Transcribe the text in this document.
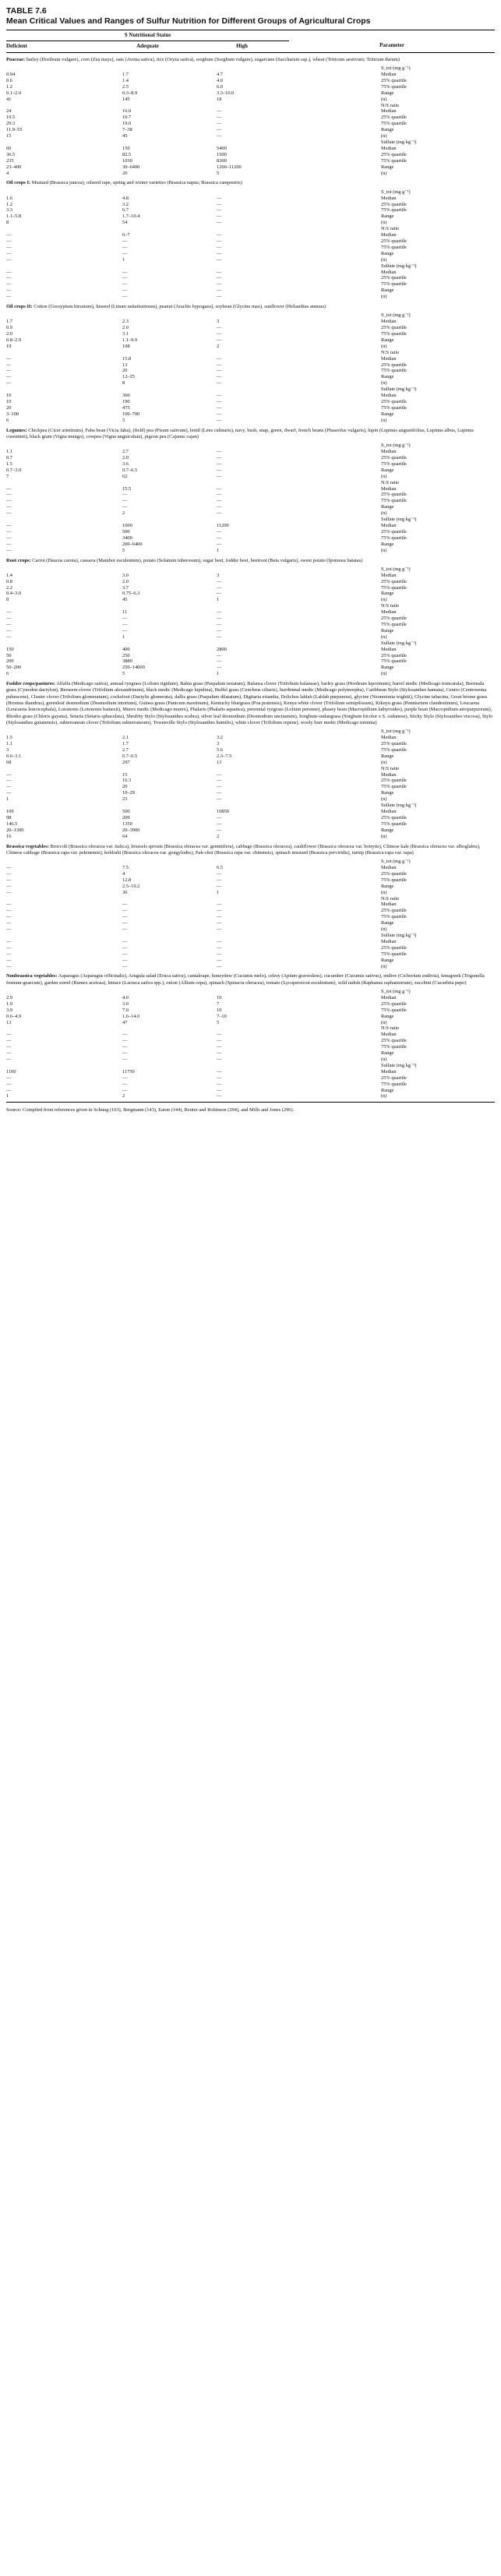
TABLE 7.6
Mean Critical Values and Ranges of Sulfur Nutrition for Different Groups of Agricultural Crops
S Nutritional Status			
Deficient	Adequate	High	Parameter

Poaceae: barley (Hordeum vulgare), corn (Zea mays), oats (Avena sativa), rice (Oryza sativa), sorghum (Sorghum vulgare), sugarcane (Saccharum ssp.), wheat (Triticum aestivum; Triticum durum)			
			S_tot (mg g⁻¹)
0.94	1.7	4.7	Median
0.6	1.4	4.0	25% quartile
1.2	2.5	6.0	75% quartile
0.1–2.0	0.3–8.9	3.3–10.0	Range
41	145	18	(n)
			N/S ratio
24	16.0	—	Median
19.5	10.7	—	25% quartile
29.3	19.0	—	75% quartile
11.9–55	7–38	—	Range
15	45	—	(n)
			Sulfate (mg kg⁻¹)
60	150	5400	Median
36.5	82.5	1500	25% quartile
235	1030	8300	75% quartile
23–400	30–6400	1200–11200	Range
4	20	5	(n)
Oil crops I: Mustard (Brassica juncea), oilseed rape, spring and winter varieties (Brassica napus; Brassica campestris)			
			S_tot (mg g⁻¹)
1.6	4.8	—	Median
1.2	3.2	—	25% quartile
3.3	6.7	—	75% quartile
1.1–5.8	1.7–10.4	—	Range
8	54	—	(n)
			N:S ratio
—	6–7	—	Median
—	—	—	25% quartile
—	—	—	75% quartile
—	—	—	Range
—	1	—	(n)
			Sulfate (mg kg⁻¹)
—	—	—	Median
—	—	—	25% quartile
—	—	—	75% quartile
—	—	—	Range
—	—	—	(n)
Oil crops II: Cotton (Gossypium hirsutum), linseed (Linum usitatissimum), peanut (Arachis hypogaea), soybean (Glycine max), sunflower (Helianthus annuus)			
			S_tot (mg g⁻¹)
1.7	2.3	3	Median
0.9	2.0	—	25% quartile
2.0	3.1	—	75% quartile
0.8–2.9	1.1–9.9	—	Range
19	108	2	(n)
			N:S ratio
—	15.8	—	Median
—	13	—	25% quartile
—	20	—	75% quartile
—	12–25	—	Range
—	8	—	(n)
			Sulfate (mg kg⁻¹)
10	360	—	Median
10	190	—	25% quartile
20	475	—	75% quartile
3–100	100–700	—	Range
6	5	—	(n)
Legumes: Chickpea (Cicer arietinum), Faba bean (Vicia faba), (field) pea (Pisum sativum), lentil (Lens culinaris), navy, bush, snap, green, dwarf, french beans (Phaseolus vulgaris), lupin (Lupinus angustifolius, Lupinus albus, Lupinus cosentinii), black gram (Vigna mungo), cowpea (Vigna unguiculata), pigeon pea (Cajanus cajan)			
			S_tot (mg g⁻¹)
1.1	2.7	—	Median
0.7	2.0	—	25% quartile
1.5	3.6	—	75% quartile
0.7–3.0	0.7–6.5	—	Range
7	62	—	(n)
			N:S ratio
—	15.5	—	Median
—	—	—	25% quartile
—	—	—	75% quartile
—	—	—	Range
—	2	—	(n)
			Sulfate (mg kg⁻¹)
—	1600	11200	Median
—	500	—	25% quartile
—	3400	—	75% quartile
—	200–6400	—	Range
—	5	1	(n)
Root crops: Carrot (Daucus carota), cassava (Manihot esculentum), potato (Solanum tuberosum), sugar beet, fodder beet, beetroot (Beta vulgaris), sweet potato (Ipomoea batatas)			
			S_tot (mg g⁻¹)
1.4	3.0	3	Median
0.8	2.0	—	25% quartile
2.2	3.7	—	75% quartile
0.4–3.0	0.75–6.3	—	Range
8	45	1	(n)
			N:S ratio
—	11	—	Median
—	—	—	25% quartile
—	—	—	75% quartile
—	—	—	Range
—	1	—	(n)
			Sulfate (mg kg⁻¹)
150	400	2800	Median
50	250	—	25% quartile
200	3880	—	75% quartile
50–200	250–14000	—	Range
6	5	1	(n)
Fodder crops/pastures: Alfalfa (Medicago sativa), annual ryegrass (Lolium rigidum), Bahia grass (Paspalum notatum), Balansa clover (Trifolium balansae), barley grass (Hordeum leporinum), barrel medic (Medicago truncatula), Bermuda grass (Cynodon dactylon), Berseem clover (Trifolium alexandrinum), black medic (Medicago lupulina), Buffel grass (Cenchrus ciliaris), burrhinnal medic (Medicago polymorpha), Caribbean Stylo (Stylosanthes hamata), Centro (Centrosema pubescens), Cluster clover (Trifolium glomeratum), cocksfoot (Dactylis glomerata), dallis grass (Paspalum dilatatum), Digitaria eriantha, Dolichos lablab (Lablab purpureus), glycine (Neonotonia wightii), Glycine tabacina, Great brome grass (Bromus diandrus), greenleaf desmodium (Desmodium intortum), Guinea grass (Panicum maximum), Kentucky bluegrass (Poa pratensis), Kenya white clover (Trifolium semipilosum), Kikuyu grass (Pennisetum clandestinum), Leucaena (Leucaena leucocephala), Lotononis (Lotononis bainesii), Murex medic (Medicago murex), Phalaris (Phalaris aquatica), perennial ryegrass (Lolium perenne), phasey bean (Macroptilium lathyroides), purple bean (Macroptilium atropurpureum), Rhodes grass (Chloris gayana), Setaria (Setaria sphacelata), Shrubby Stylo (Stylosanthes scabra), silver leaf desmodium (Desmodium uncinatum), Sorghum-sudangrass (Sorghum bicolor x S. sudanese), Sticky Stylo (Stylosanthes viscosa), Stylo (Stylosanthes guianensis), subterranean clover (Trifolium subterraneum), Townsville Stylo (Stylosanthes humilis), white clover (Trifolium repens), wooly burr medic (Medicago minima)			
			S_tot (mg g⁻¹)
1.5	2.1	3.2	Median
1.1	1.7	3	25% quartile
3	2.7	5.6	75% quartile
0.6–3.1	0.7–6.5	2.3–7.5	Range
68	297	13	(n)
			N:S ratio
—	15	—	Median
—	16.3	—	25% quartile
—	20	—	75% quartile
—	10–29	—	Range
1	23	—	(n)
			Sulfate (mg kg⁻¹)
109	500	10850	Median
98	209	—	25% quartile
146.5	1350	—	75% quartile
20–1300	20–3900	—	Range
16	64	2	(n)
Brassica vegetables: Broccoli (Brassica oleracea var. italica), brussels sprouts (Brassica oleracea var. gemmifera), cabbage (Brassica oleracea), cauliflower (Brassica oleracea var. botrytis), Chinese kale (Brassica oleracea var. alboglabra), Chinese cabbage (Brassica rapa var. pekinensis), kohlrabi (Brassica oleracea var. gongylodes), Pak-choi (Brassica rapa var. chinensis), spinach mustard (Brassica perviridis), turnip (Brassica rapa var. rapa)			
			S_tot (mg g⁻¹)
—	7.5	6.5	Median
—	4	—	25% quartile
—	12.8	—	75% quartile
—	2.5–19.2	—	Range
—	30	1	(n)
			N:S ratio
—	—	—	Median
—	—	—	25% quartile
—	—	—	75% quartile
—	—	—	Range
—	—	—	(n)
			Sulfate (mg kg⁻¹)
—	—	—	Median
—	—	—	25% quartile
—	—	—	75% quartile
—	—	—	Range
—	—	—	(n)
Nonbrassica vegetables: Asparagus (Asparagus officinalis), Arugula salad (Eruca sativa), cantaloupe, honeydew (Cucumis melo), celery (Apium graveolens), cucumber (Cucumis sativus), endive (Cichorium endivia), fenugreek (Trigonella foenum-graecum), garden sorrel (Rumex acetosa), lettuce (Lactuca sativa spp.), onion (Allium cepa), spinach (Spinacia oleracea), tomato (Lycopersicon esculentum), wild radish (Raphanus raphanistrum), zucchini (Cucurbita pepo)			
			S_tot (mg g⁻¹)
2.9	4.0	10	Median
1.9	3.0	7	25% quartile
3.9	7.0	10	75% quartile
0.6–4.9	1.6–14.0	7–10	Range
13	47	5	(n)
			N:S ratio
—	—	—	Median
—	—	—	25% quartile
—	—	—	75% quartile
—	—	—	Range
—	—	—	(n)
			Sulfate (mg kg⁻¹)
1100	11750	—	Median
—	—	—	25% quartile
—	—	—	75% quartile
—	—	—	Range
1	2	—	(n)
Source: Compiled from references given in Schnug (103), Bergmann (143), Eaton (144), Reuter and Robinson (294), and Mills and Jones (296).
